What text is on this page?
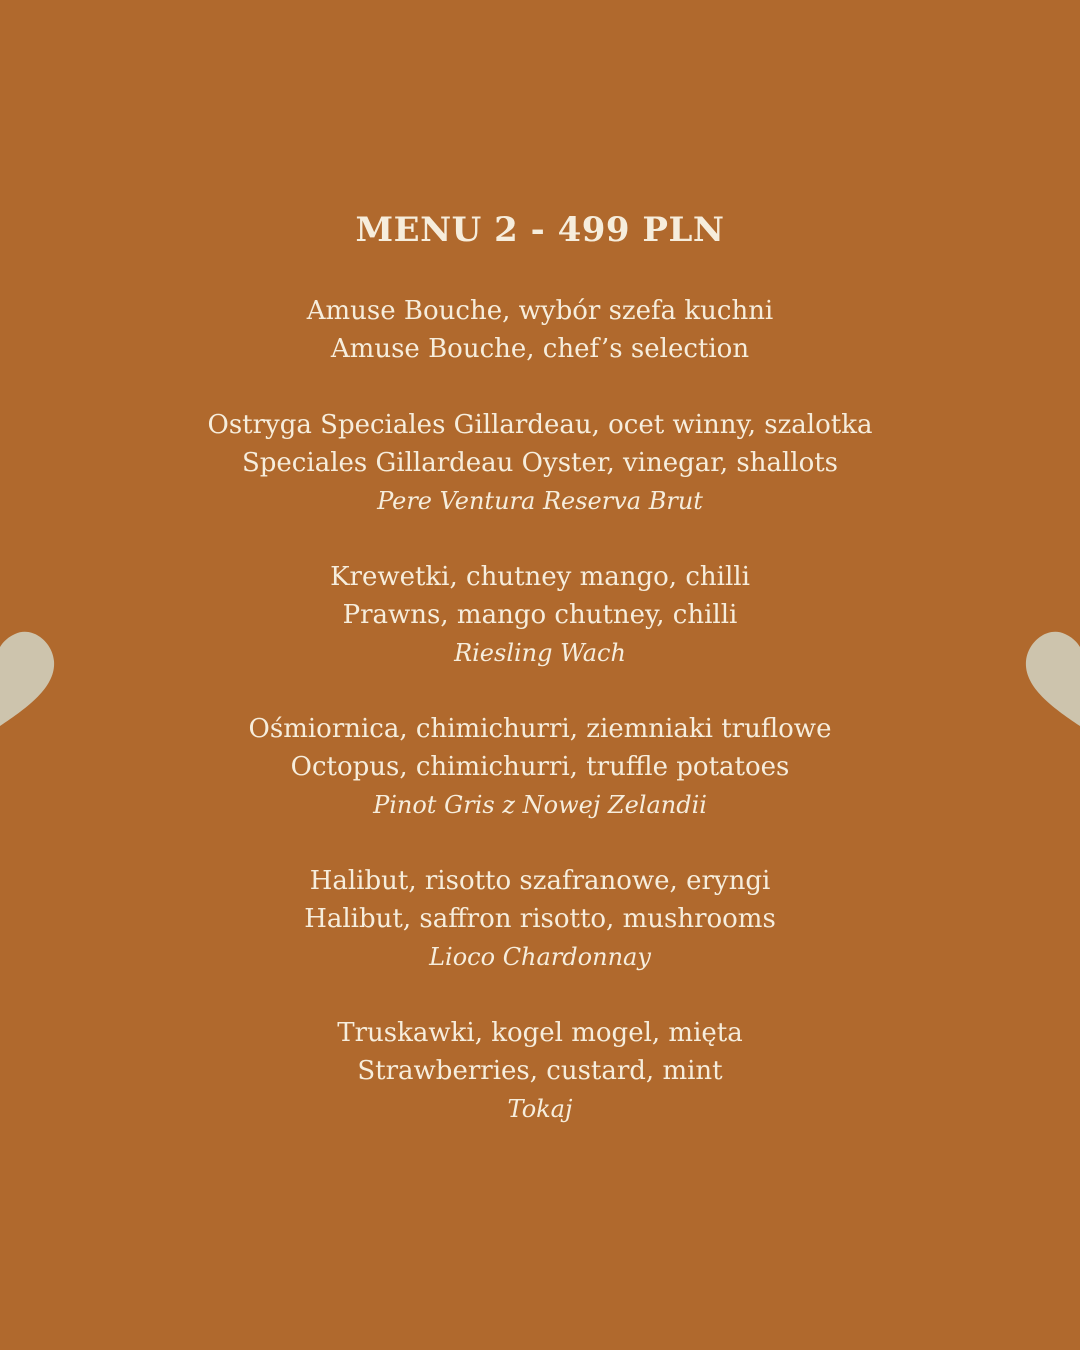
MENU 2 - 499 PLN
Amuse Bouche, wybór szefa kuchni
Amuse Bouche, chef’s selection
Ostryga Speciales Gillardeau, ocet winny, szalotka
Speciales Gillardeau Oyster, vinegar, shallots
Pere Ventura Reserva Brut
Krewetki, chutney mango, chilli
Prawns, mango chutney, chilli
Riesling Wach
Ośmiornica, chimichurri, ziemniaki truflowe
Octopus, chimichurri, truffle potatoes
Pinot Gris z Nowej Zelandii
Halibut, risotto szafranowe, eryngi
Halibut, saffron risotto, mushrooms
Lioco Chardonnay
Truskawki, kogel mogel, mięta
Strawberries, custard, mint
Tokaj
